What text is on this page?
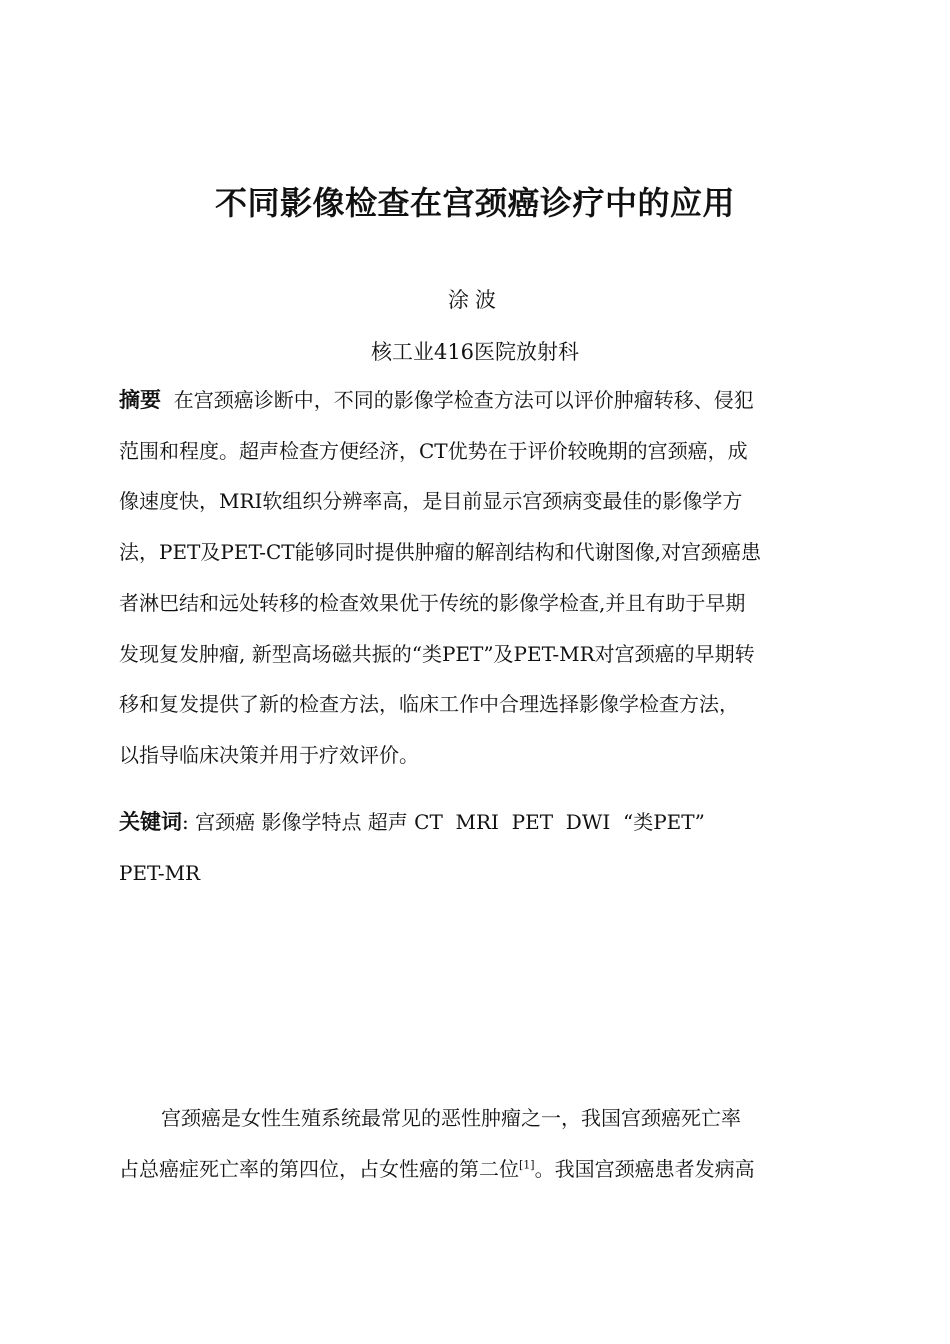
不同影像检查在宫颈癌诊疗中的应用
涂波
核工业416医院放射科
摘要 在宫颈癌诊断中，不同的影像学检查方法可以评价肿瘤转移、侵犯
范围和程度。超声检查方便经济，CT优势在于评价较晚期的宫颈癌，成
像速度快，MRI软组织分辨率高，是目前显示宫颈病变最佳的影像学方
法，PET及PET-CT能够同时提供肿瘤的解剖结构和代谢图像,对宫颈癌患
者淋巴结和远处转移的检查效果优于传统的影像学检查,并且有助于早期
发现复发肿瘤, 新型高场磁共振的“类PET”及PET-MR对宫颈癌的早期转
移和复发提供了新的检查方法，临床工作中合理选择影像学检查方法，
以指导临床决策并用于疗效评价。
关键词: 宫颈癌 影像学特点 超声 CT  MRI  PET  DWI  “类PET”
PET-MR
宫颈癌是女性生殖系统最常见的恶性肿瘤之一，我国宫颈癌死亡率
占总癌症死亡率的第四位，占女性癌的第二位[1]。我国宫颈癌患者发病高
